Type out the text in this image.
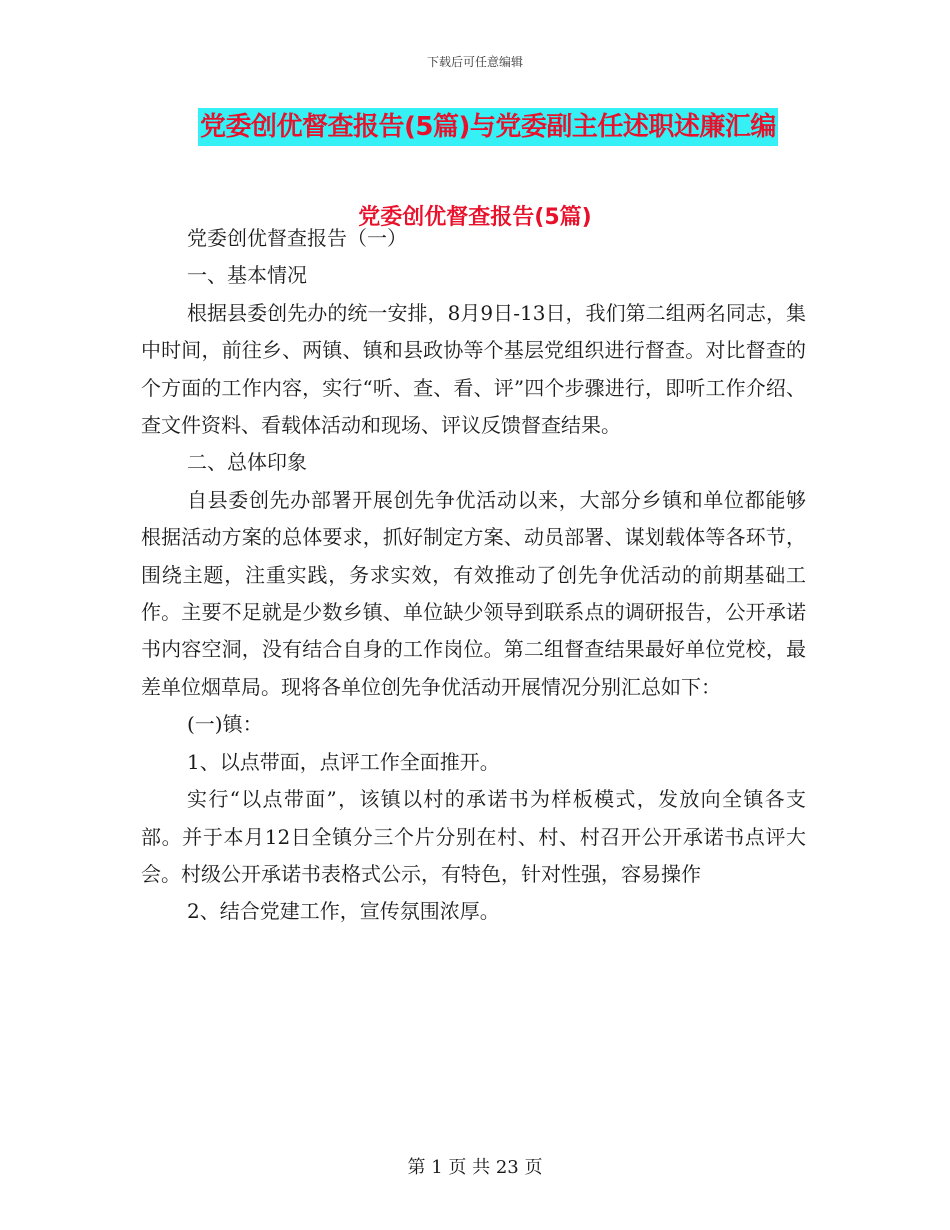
下载后可任意编辑
党委创优督查报告(5篇)与党委副主任述职述廉汇编
党委创优督查报告(5篇)

党委创优督查报告（一）

一、基本情况

根据县委创先办的统一安排，8月9日-13日，我们第二组两名同志，集中时间，前往乡、两镇、镇和县政协等个基层党组织进行督查。对比督查的个方面的工作内容，实行“听、查、看、评”四个步骤进行，即听工作介绍、查文件资料、看载体活动和现场、评议反馈督查结果。

二、总体印象

自县委创先办部署开展创先争优活动以来，大部分乡镇和单位都能够根据活动方案的总体要求，抓好制定方案、动员部署、谋划载体等各环节，围绕主题，注重实践，务求实效，有效推动了创先争优活动的前期基础工作。主要不足就是少数乡镇、单位缺少领导到联系点的调研报告，公开承诺书内容空洞，没有结合自身的工作岗位。第二组督查结果最好单位党校，最差单位烟草局。现将各单位创先争优活动开展情况分别汇总如下：

(一)镇：

1、以点带面，点评工作全面推开。

实行“以点带面”，该镇以村的承诺书为样板模式，发放向全镇各支部。并于本月12日全镇分三个片分别在村、村、村召开公开承诺书点评大会。村级公开承诺书表格式公示，有特色，针对性强，容易操作

2、结合党建工作，宣传氛围浓厚。

第 1 页 共 23 页
